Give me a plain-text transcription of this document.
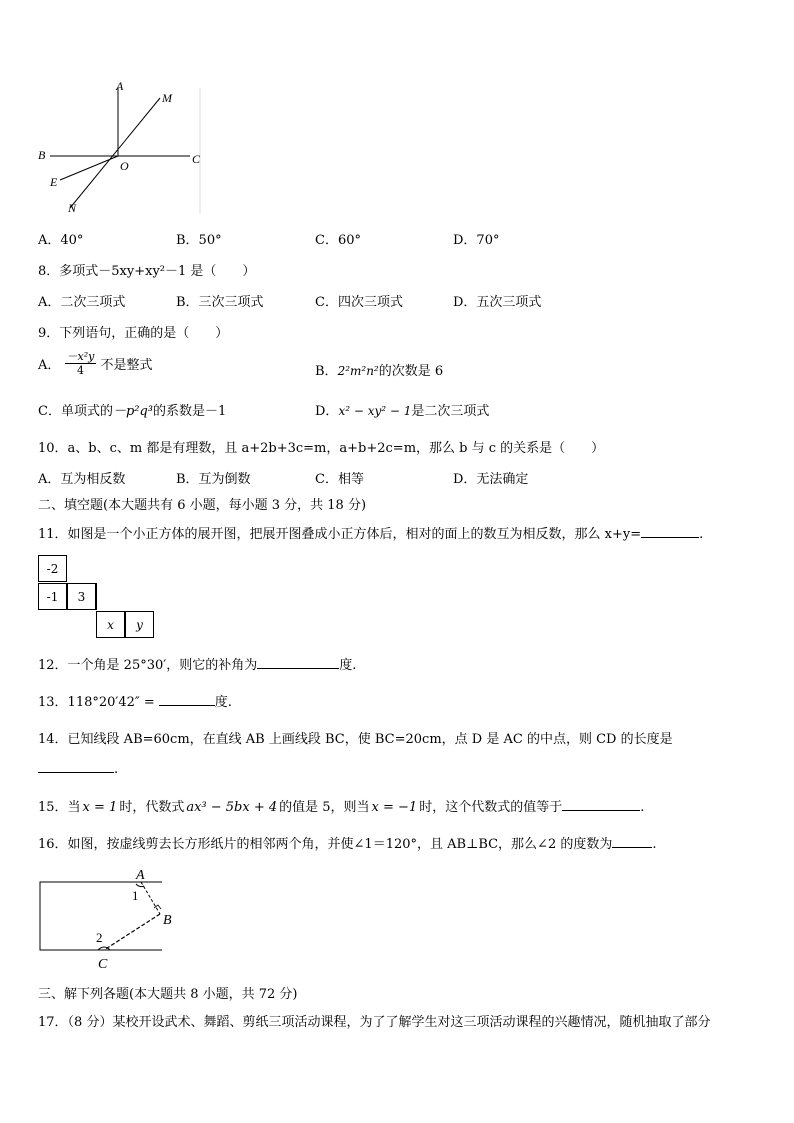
A
M
B	C
O
E
N
A．40°	B．50°	C．60°	D．70°
8．多项式－5xy+xy²－1 是（　　）
A．二次三项式	B．三次三项式	C．四次三项式	D．五次三项式
9．下列语句，正确的是（　　）
A． $\frac{\text{－x²y}}{4}$ 不是整式	B．2²m²n²的次数是 6
C．单项式的－p²q³的系数是－1	D．x² − xy² − 1是二次三项式
10．a、b、c、m 都是有理数，且 a+2b+3c=m，a+b+2c=m，那么 b 与 c 的关系是（　　）
A．互为相反数	B．互为倒数	C．相等	D．无法确定
二、填空题(本大题共有 6 小题，每小题 3 分，共 18 分)
11．如图是一个小正方体的展开图，把展开图叠成小正方体后，相对的面上的数互为相反数，那么 x+y=	.
-2
-1	3
x	y
12．一个角是 25°30′，则它的补角为	度.
13．118°20′42″ =	度.
14．已知线段 AB=60cm，在直线 AB 上画线段 BC，使 BC=20cm，点 D 是 AC 的中点，则 CD 的长度是
.
15．当 x = 1 时，代数式 ax³ − 5bx + 4 的值是 5，则当 x = −1 时，这个代数式的值等于	.
16．如图，按虚线剪去长方形纸片的相邻两个角，并使∠1＝120°，且 AB⊥BC，那么∠2 的度数为	.
A
1
B
2
C
三、解下列各题(本大题共 8 小题，共 72 分)
17．（8 分）某校开设武术、舞蹈、剪纸三项活动课程，为了了解学生对这三项活动课程的兴趣情况，随机抽取了部分
